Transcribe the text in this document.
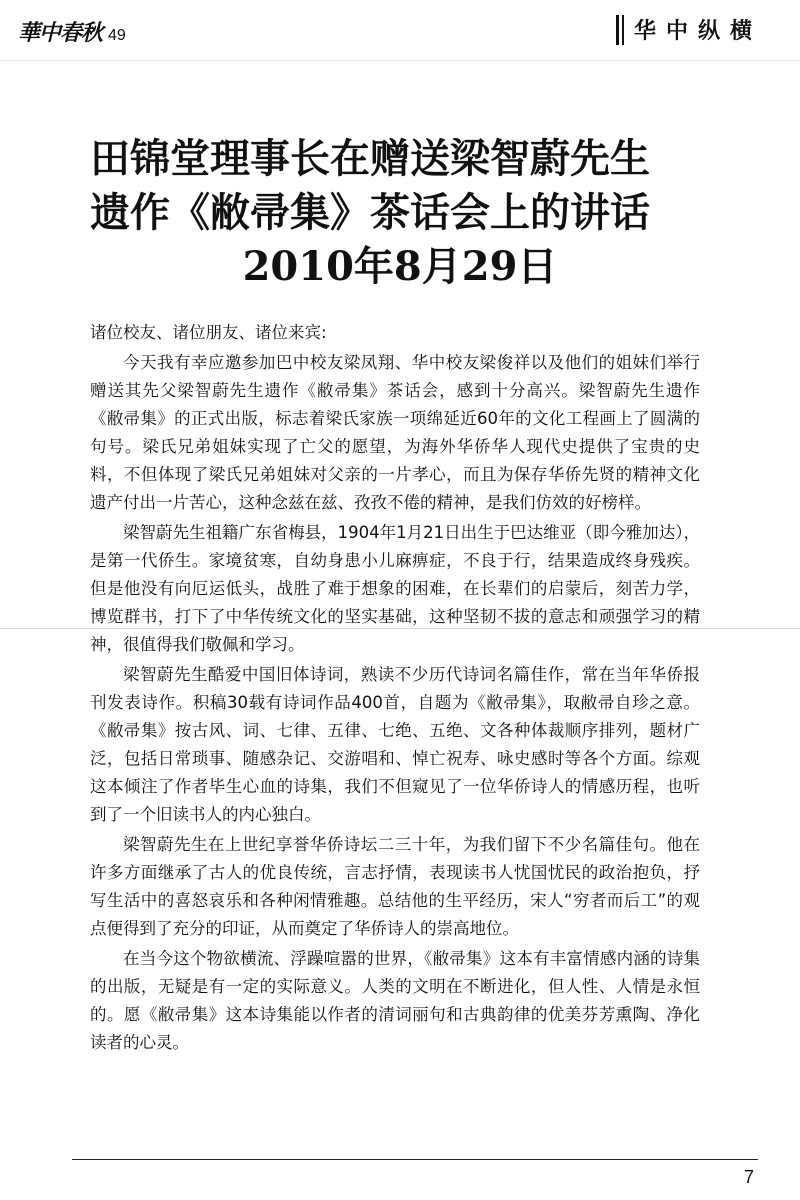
華中春秋 49	华中纵横
田锦堂理事长在赠送梁智蔚先生
遗作《敝帚集》茶话会上的讲话
2010年8月29日

诸位校友、诸位朋友、诸位来宾:

今天我有幸应邀参加巴中校友梁凤翔、华中校友梁俊祥以及他们的姐妹们举行赠送其先父梁智蔚先生遗作《敝帚集》茶话会，感到十分高兴。梁智蔚先生遗作《敝帚集》的正式出版，标志着梁氏家族一项绵延近60年的文化工程画上了圆满的句号。梁氏兄弟姐妹实现了亡父的愿望，为海外华侨华人现代史提供了宝贵的史料，不但体现了梁氏兄弟姐妹对父亲的一片孝心，而且为保存华侨先贤的精神文化遗产付出一片苦心，这种念兹在兹、孜孜不倦的精神，是我们仿效的好榜样。

梁智蔚先生祖籍广东省梅县，1904年1月21日出生于巴达维亚（即今雅加达），是第一代侨生。家境贫寒，自幼身患小儿麻痹症，不良于行，结果造成终身残疾。但是他没有向厄运低头，战胜了难于想象的困难，在长辈们的启蒙后，刻苦力学，博览群书，打下了中华传统文化的坚实基础，这种坚韧不拔的意志和顽强学习的精神，很值得我们敬佩和学习。

梁智蔚先生酷爱中国旧体诗词，熟读不少历代诗词名篇佳作，常在当年华侨报刊发表诗作。积稿30载有诗词作品400首，自题为《敝帚集》，取敝帚自珍之意。《敝帚集》按古风、词、七律、五律、七绝、五绝、文各种体裁顺序排列，题材广泛，包括日常琐事、随感杂记、交游唱和、悼亡祝寿、咏史感时等各个方面。综观这本倾注了作者毕生心血的诗集，我们不但窥见了一位华侨诗人的情感历程，也听到了一个旧读书人的内心独白。

梁智蔚先生在上世纪享誉华侨诗坛二三十年，为我们留下不少名篇佳句。他在许多方面继承了古人的优良传统，言志抒情，表现读书人忧国忧民的政治抱负，抒写生活中的喜怒哀乐和各种闲情雅趣。总结他的生平经历，宋人“穷者而后工”的观点便得到了充分的印证，从而奠定了华侨诗人的崇高地位。

在当今这个物欲横流、浮躁喧嚣的世界，《敝帚集》这本有丰富情感内涵的诗集的出版，无疑是有一定的实际意义。人类的文明在不断进化，但人性、人情是永恒的。愿《敝帚集》这本诗集能以作者的清词丽句和古典韵律的优美芬芳熏陶、净化读者的心灵。

7
